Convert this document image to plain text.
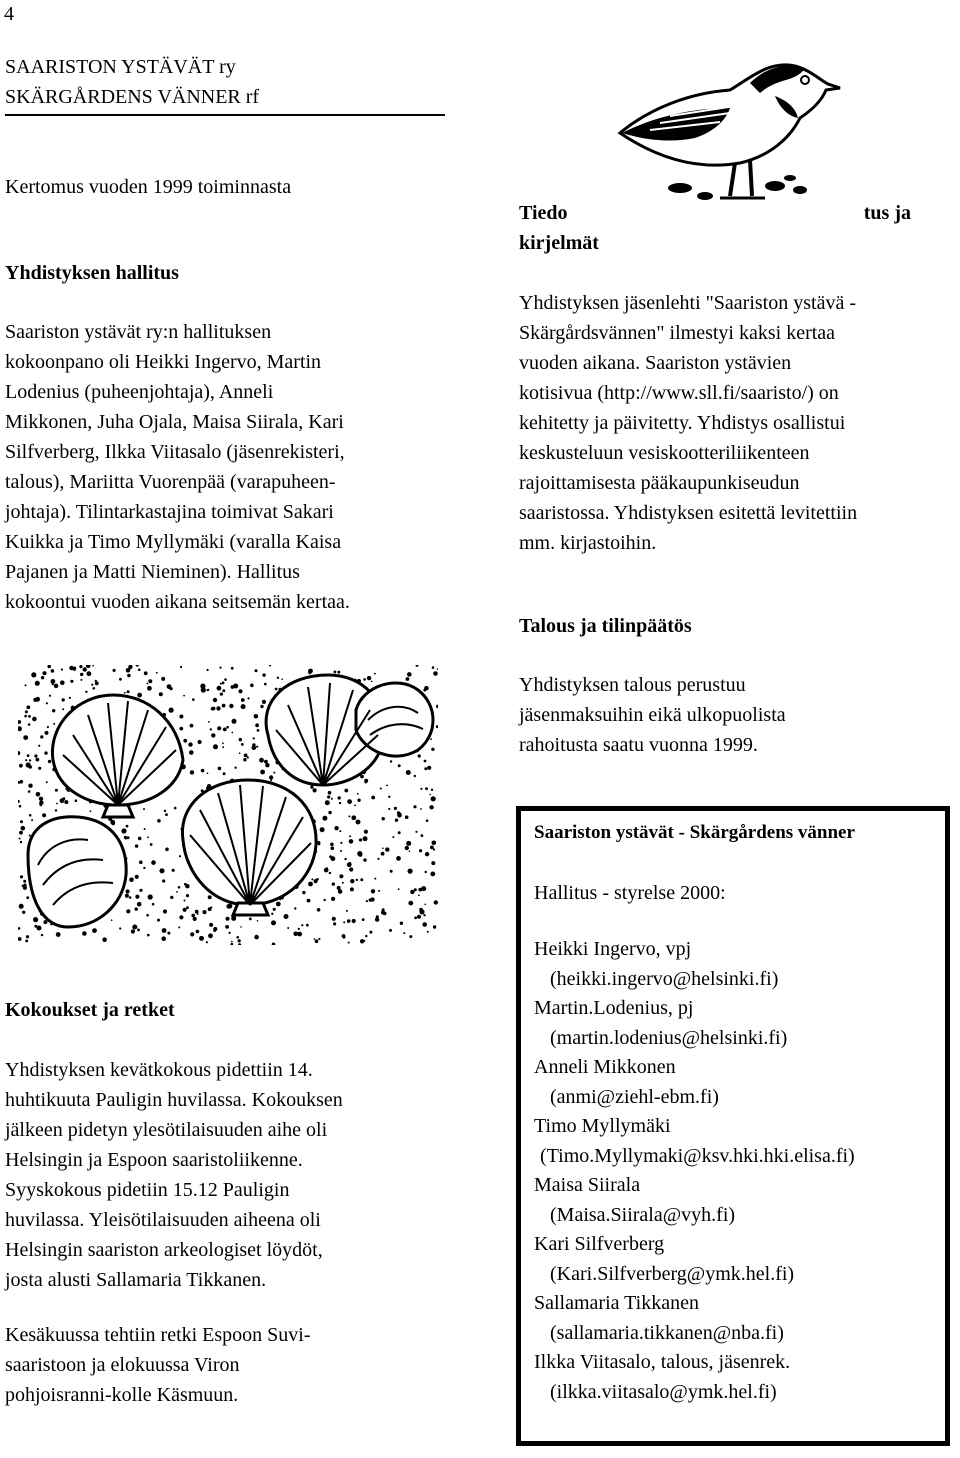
4
SAARISTON YSTÄVÄT ry
SKÄRGÅRDENS VÄNNER rf
Kertomus vuoden 1999 toiminnasta
Yhdistyksen hallitus
Saariston ystävät ry:n hallituksen
kokoonpano oli Heikki Ingervo, Martin
Lodenius (puheenjohtaja), Anneli
Mikkonen, Juha Ojala, Maisa Siirala, Kari
Silfverberg, Ilkka Viitasalo (jäsenrekisteri,
talous), Mariitta Vuorenpää (varapuheen-
johtaja). Tilintarkastajina toimivat Sakari
Kuikka ja Timo Myllymäki (varalla Kaisa
Pajanen ja Matti Nieminen). Hallitus
kokoontui vuoden aikana seitsemän kertaa.
Tiedo	tus ja
kirjelmät
Yhdistyksen jäsenlehti "Saariston ystävä -
Skärgårdsvännen" ilmestyi kaksi kertaa
vuoden aikana. Saariston ystävien
kotisivua (http://www.sll.fi/saaristo/) on
kehitetty ja päivitetty. Yhdistys osallistui
keskusteluun vesiskootteriliikenteen
rajoittamisesta pääkaupunkiseudun
saaristossa. Yhdistyksen esitettä levitettiin
mm. kirjastoihin.
Talous ja tilinpäätös
Yhdistyksen talous perustuu
jäsenmaksuihin eikä ulkopuolista
rahoitusta saatu vuonna 1999.
Saariston ystävät - Skärgårdens vänner
Hallitus - styrelse 2000:
Heikki Ingervo, vpj
(heikki.ingervo@helsinki.fi)
Martin.Lodenius, pj
(martin.lodenius@helsinki.fi)
Anneli Mikkonen
(anmi@ziehl-ebm.fi)
Timo Myllymäki
(Timo.Myllymaki@ksv.hki.hki.elisa.fi)
Maisa Siirala
(Maisa.Siirala@vyh.fi)
Kari Silfverberg
(Kari.Silfverberg@ymk.hel.fi)
Sallamaria Tikkanen
(sallamaria.tikkanen@nba.fi)
Ilkka Viitasalo, talous, jäsenrek.
(ilkka.viitasalo@ymk.hel.fi)
Kokoukset ja retket
Yhdistyksen kevätkokous pidettiin 14.
huhtikuuta Pauligin huvilassa. Kokouksen
jälkeen pidetyn ylesötilaisuuden aihe oli
Helsingin ja Espoon saaristoliikenne.
Syyskokous pidetiin 15.12 Pauligin
huvilassa. Yleisötilaisuuden aiheena oli
Helsingin saariston arkeologiset löydöt,
josta alusti Sallamaria Tikkanen.
Kesäkuussa tehtiin retki Espoon Suvi-
saaristoon ja elokuussa Viron
pohjoisranni-kolle Käsmuun.
